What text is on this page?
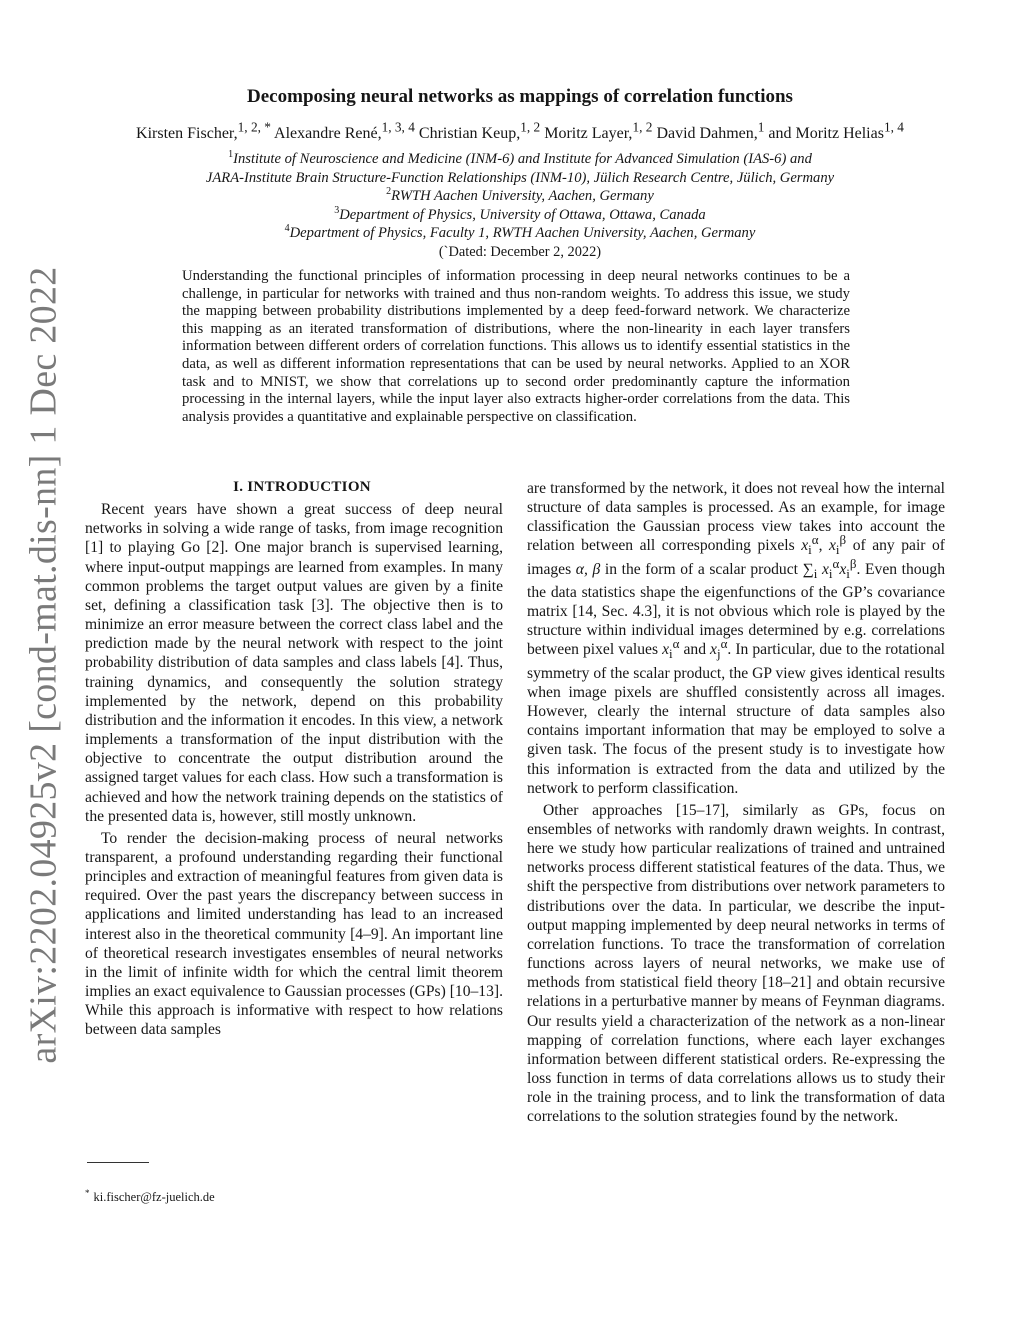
arXiv:2202.04925v2 [cond-mat.dis-nn] 1 Dec 2022
Decomposing neural networks as mappings of correlation functions

Kirsten Fischer,$^{1, 2, *}$ Alexandre René,$^{1, 3, 4}$ Christian Keup,$^{1, 2}$ Moritz Layer,$^{1, 2}$ David Dahmen,$^1$ and Moritz Helias$^{1, 4}$

$^1$Institute of Neuroscience and Medicine (INM-6) and Institute for Advanced Simulation (IAS-6) and
JARA-Institute Brain Structure-Function Relationships (INM-10), Jülich Research Centre, Jülich, Germany
$^2$RWTH Aachen University, Aachen, Germany
$^3$Department of Physics, University of Ottawa, Ottawa, Canada
$^4$Department of Physics, Faculty 1, RWTH Aachen University, Aachen, Germany
(`Dated: December 2, 2022)

Understanding the functional principles of information processing in deep neural networks continues to be a challenge, in particular for networks with trained and thus non-random weights. To address this issue, we study the mapping between probability distributions implemented by a deep feed-forward network. We characterize this mapping as an iterated transformation of distributions, where the non-linearity in each layer transfers information between different orders of correlation functions. This allows us to identify essential statistics in the data, as well as different information representations that can be used by neural networks. Applied to an XOR task and to MNIST, we show that correlations up to second order predominantly capture the information processing in the internal layers, while the input layer also extracts higher-order correlations from the data. This analysis provides a quantitative and explainable perspective on classification.

I. INTRODUCTION

Recent years have shown a great success of deep neural networks in solving a wide range of tasks, from image recognition [1] to playing Go [2]. One major branch is supervised learning, where input-output mappings are learned from examples. In many common problems the target output values are given by a finite set, defining a classification task [3]. The objective then is to minimize an error measure between the correct class label and the prediction made by the neural network with respect to the joint probability distribution of data samples and class labels [4]. Thus, training dynamics, and consequently the solution strategy implemented by the network, depend on this probability distribution and the information it encodes. In this view, a network implements a transformation of the input distribution with the objective to concentrate the output distribution around the assigned target values for each class. How such a transformation is achieved and how the network training depends on the statistics of the presented data is, however, still mostly unknown.

To render the decision-making process of neural networks transparent, a profound understanding regarding their functional principles and extraction of meaningful features from given data is required. Over the past years the discrepancy between success in applications and limited understanding has lead to an increased interest also in the theoretical community [4–9]. An important line of theoretical research investigates ensembles of neural networks in the limit of infinite width for which the central limit theorem implies an exact equivalence to Gaussian processes (GPs) [10–13]. While this approach is informative with respect to how relations between data samples

are transformed by the network, it does not reveal how the internal structure of data samples is processed. As an example, for image classification the Gaussian process view takes into account the relation between all corresponding pixels $x_i^\alpha$, $x_i^\beta$ of any pair of images α, β in the form of a scalar product $\sum_i$ $x_i^\alpha x_i^\beta$. Even though the data statistics shape the eigenfunctions of the GP’s covariance matrix [14, Sec. 4.3], it is not obvious which role is played by the structure within individual images determined by e.g. correlations between pixel values $x_i^\alpha$ and $x_j^\alpha$. In particular, due to the rotational symmetry of the scalar product, the GP view gives identical results when image pixels are shuffled consistently across all images. However, clearly the internal structure of data samples also contains important information that may be employed to solve a given task. The focus of the present study is to investigate how this information is extracted from the data and utilized by the network to perform classification.

Other approaches [15–17], similarly as GPs, focus on ensembles of networks with randomly drawn weights. In contrast, here we study how particular realizations of trained and untrained networks process different statistical features of the data. Thus, we shift the perspective from distributions over network parameters to distributions over the data. In particular, we describe the input-output mapping implemented by deep neural networks in terms of correlation functions. To trace the transformation of correlation functions across layers of neural networks, we make use of methods from statistical field theory [18–21] and obtain recursive relations in a perturbative manner by means of Feynman diagrams. Our results yield a characterization of the network as a non-linear mapping of correlation functions, where each layer exchanges information between different statistical orders. Re-expressing the loss function in terms of data correlations allows us to study their role in the training process, and to link the transformation of data correlations to the solution strategies found by the network.

* ki.fischer@fz-juelich.de
